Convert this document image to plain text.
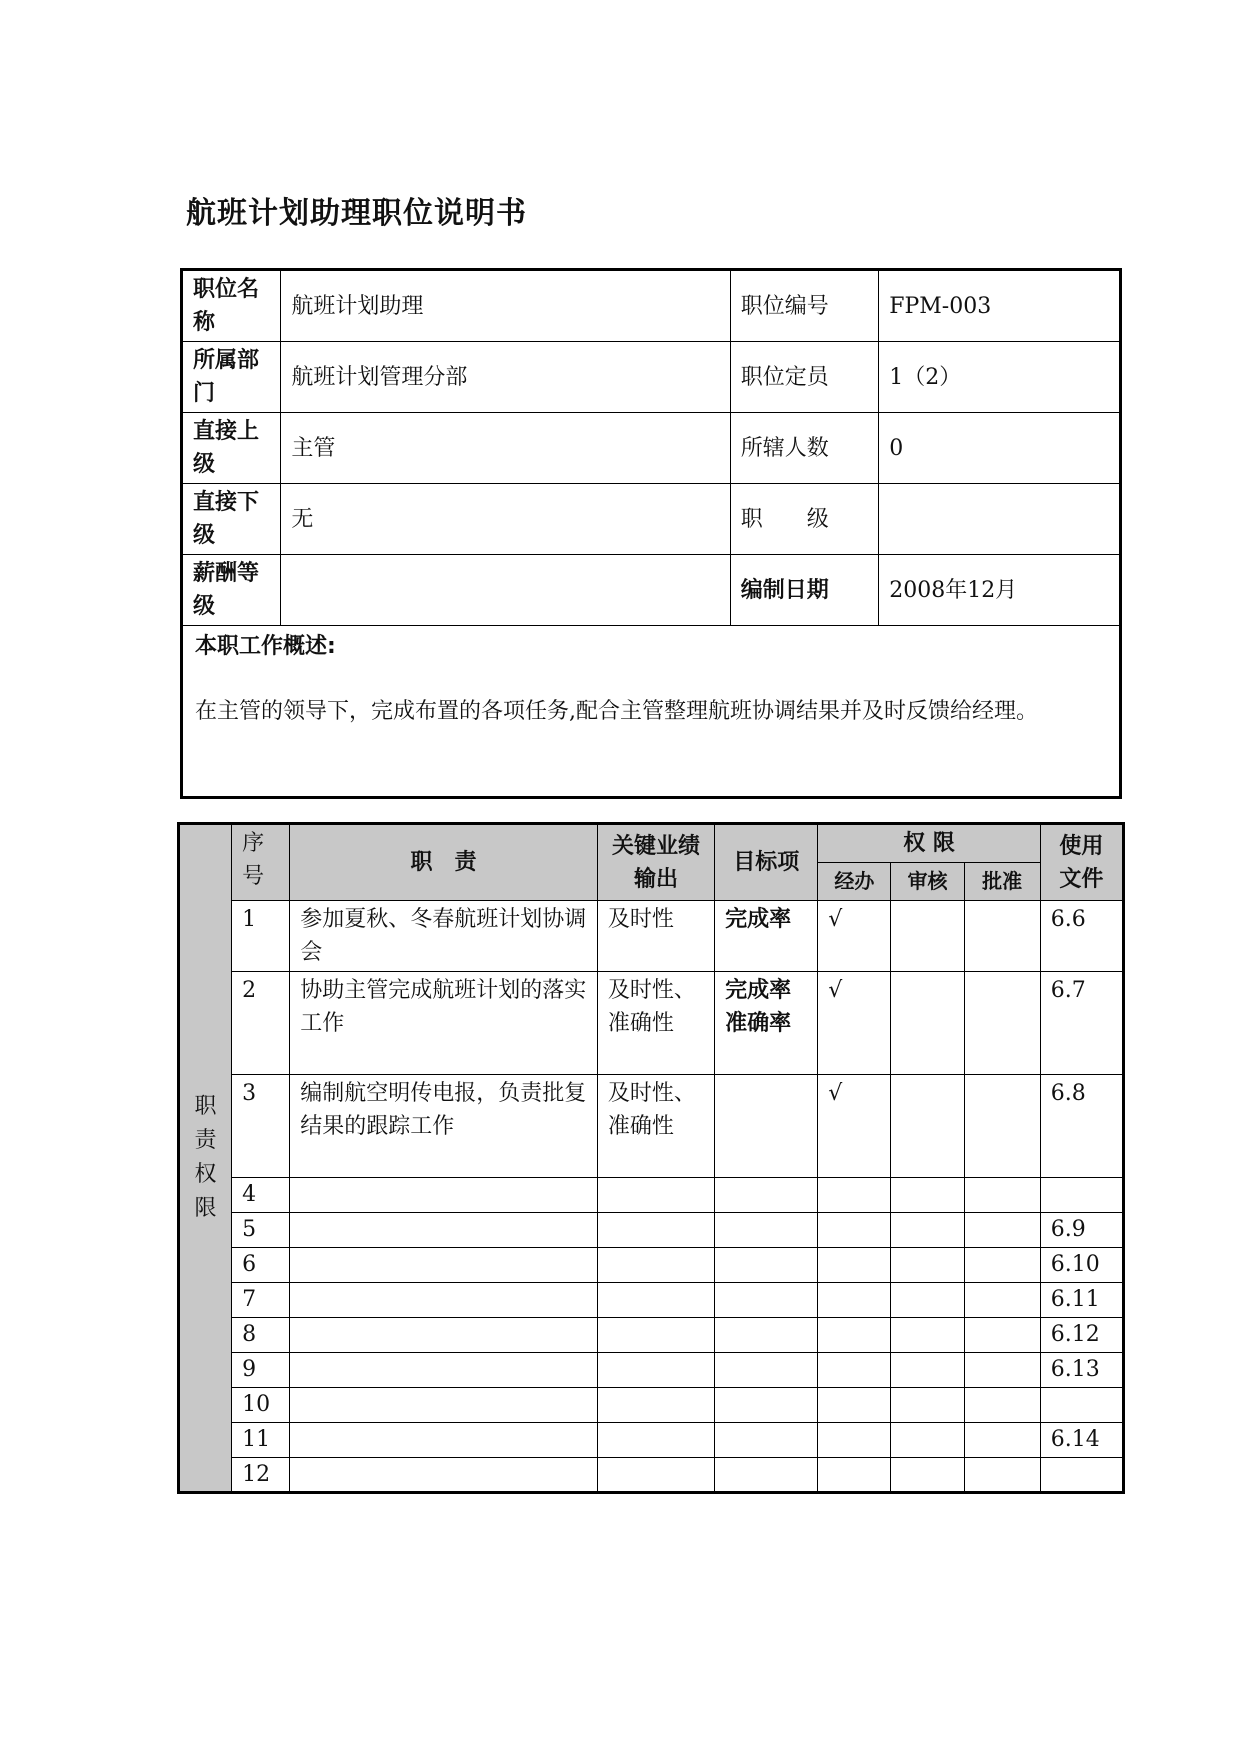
航班计划助理职位说明书
职位名称	航班计划助理	职位编号	FPM-003
所属部门	航班计划管理分部	职位定员	1（2）
直接上级	主管	所辖人数	0
直接下级	无	职　　级	
薪酬等级		编制日期	2008年12月

本职工作概述:
在主管的领导下，完成布置的各项任务,配合主管整理航班协调结果并及时反馈给经理。			
职责权限	序号	职　责	关键业绩输出	目标项	权 限			使用文件
					经办	审核	批准	
	1	参加夏秋、冬春航班计划协调会	及时性	完成率	√			6.6
	2	协助主管完成航班计划的落实工作	及时性、准确性	完成率准确率	√			6.7
	3	编制航空明传电报，负责批复结果的跟踪工作	及时性、准确性		√			6.8
	4							
	5							6.9
	6							6.10
	7							6.11
	8							6.12
	9							6.13
	10							
	11							6.14
	12							
